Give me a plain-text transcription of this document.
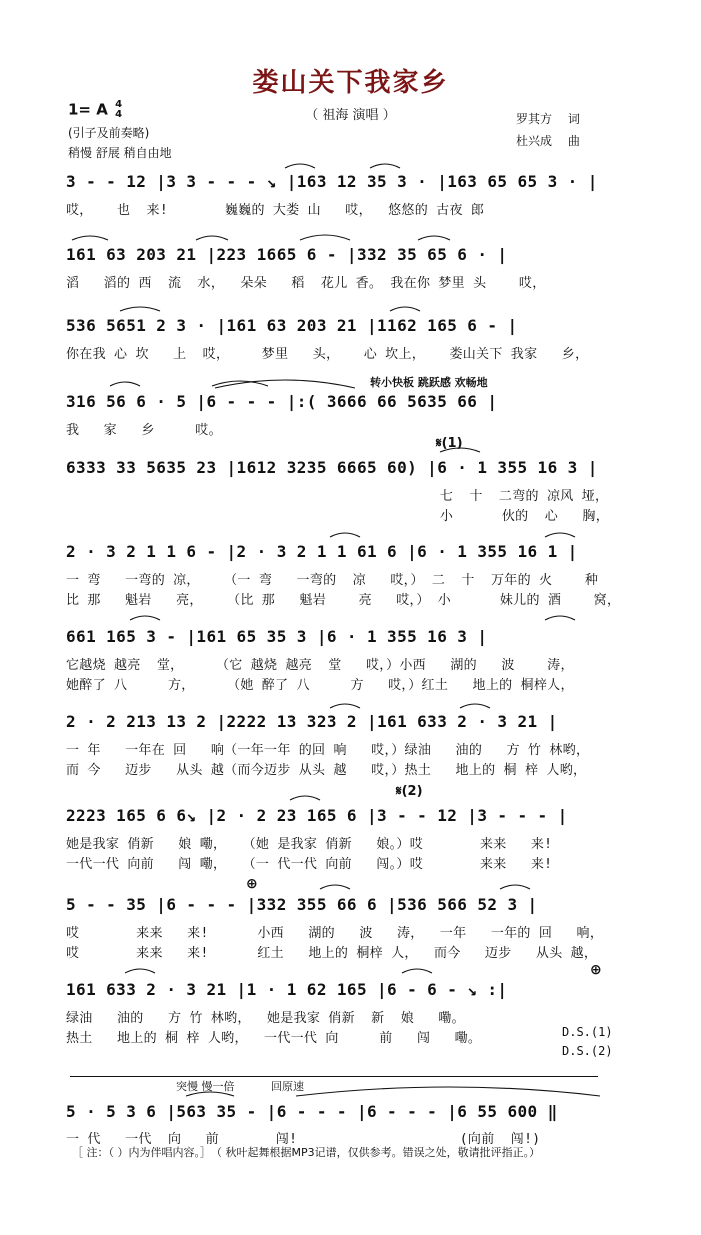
娄山关下我家乡
（ 祖海 演唱 ）
1= A 4
4
(引子及前奏略)
稍慢 舒展 稍自由地
罗其方　 词
杜兴成　 曲
3 - - 12 |3 3 - - - ↘ |163 12 35 3 · |163 65 65 3 · |
哎，   也  来!       巍巍的 大娄 山   哎，  悠悠的 古夜 郎
161 63 203 21 |223 1665 6 - |332 35 65 6 · |
滔   滔的 西  流  水，  朵朵   稻  花儿 香。 我在你 梦里 头    哎，
536 5651 2 3 · |161 63 203 21 |1162 165 6 - |
你在我 心 坎   上  哎，    梦里   头，   心 坎上，   娄山关下 我家   乡，
转小快板 跳跃感 欢畅地
316 56 6 · 5 |6 - - - |:( 3666 66 5635 66 |
我   家   乡     哎。
𝄋(1)
6333 33 5635 23 |1612 3235 6665 60) |6 · 1 355 16 3 |
七  十  二弯的 凉风 垭，
小      伙的  心   胸，
2 · 3 2 1 1 6 - |2 · 3 2 1 1 61 6 |6 · 1 355 16 1 |
一 弯   一弯的 凉，   （一 弯   一弯的  凉   哎，） 二  十  万年的 火    种
比 那   魁岩   亮，   （比 那   魁岩    亮   哎，） 小      妹儿的 酒    窝，
661 165 3 - |161 65 35 3 |6 · 1 355 16 3 |
它越烧 越亮  堂，    （它 越烧 越亮  堂   哎，）小西   湖的   波    涛，
她醉了 八     方，    （她 醉了 八     方   哎，）红土   地上的 桐梓人，
2 · 2 213 13 2 |2222 13 323 2 |161 633 2 · 3 21 |
一 年   一年在 回   响（一年一年 的回 响   哎，）绿油   油的   方 竹 林哟，
而 今   迈步   从头 越（而今迈步 从头 越   哎，）热土   地上的 桐 梓 人哟，
𝄋(2)
2223 165 6 6↘ |2 · 2 23 165 6 |3 - - 12 |3 - - - |
她是我家 俏新   娘 嘞，  （她 是我家 俏新   娘。）哎       来来   来!
一代一代 向前   闯 嘞，  （一 代一代 向前   闯。）哎       来来   来!
⊕
5 - - 35 |6 - - - |332 355 66 6 |536 566 52 3 |
哎       来来   来!      小西   湖的   波   涛，  一年   一年的 回   响，
哎       来来   来!      红土   地上的 桐梓 人，  而今   迈步   从头 越，
⊕
161 633 2 · 3 21 |1 · 1 62 165 |6 - 6 - ↘ :|
绿油   油的   方 竹 林哟，  她是我家 俏新  新  娘   嘞。
热土   地上的 桐 梓 人哟，  一代一代 向     前   闯   嘞。	D.S.(1)
D.S.(2)
突慢 慢一倍　　　 回原速
5 · 5 3 6 |563 35 - |6 - - - |6 - - - |6 55 600 ‖
一 代   一代  向   前       闯!                    (向前  闯!)
［ 注：（ ）内为伴唱内容。］　（ 秋叶起舞根据MP3记谱，仅供参考。错误之处，敬请批评指正。）
